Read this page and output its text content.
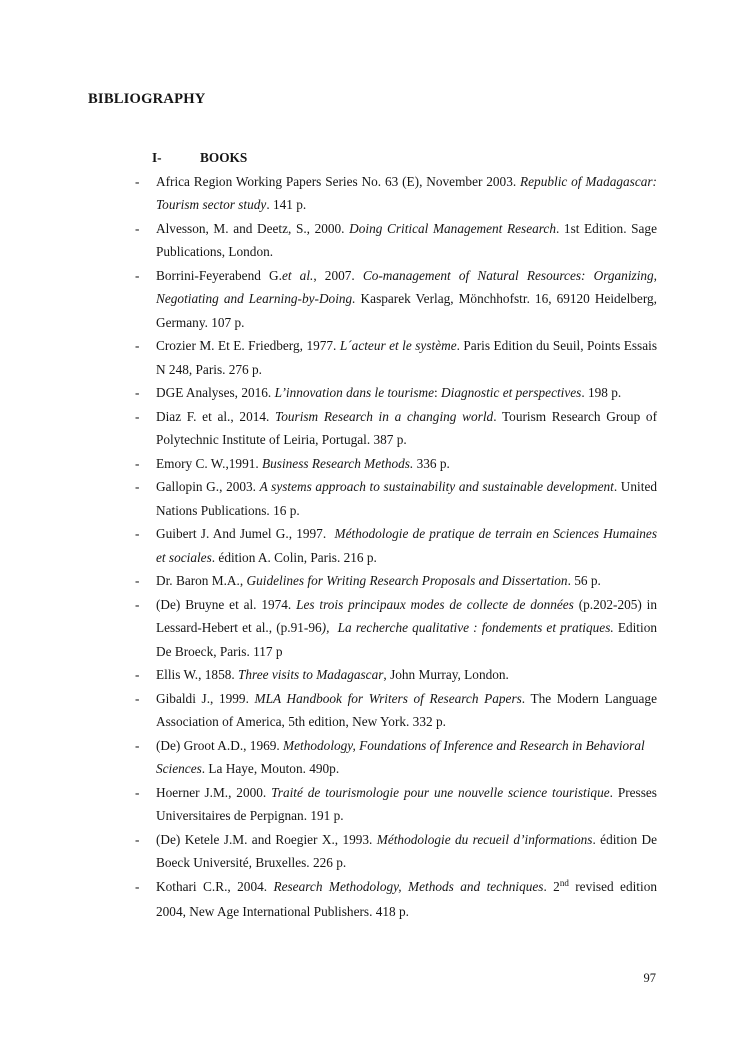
BIBLIOGRAPHY
I-	BOOKS
- Africa Region Working Papers Series No. 63 (E), November 2003. Republic of Madagascar: Tourism sector study. 141 p.
- Alvesson, M. and Deetz, S., 2000. Doing Critical Management Research. 1st Edition. Sage Publications, London.
- Borrini-Feyerabend G.et al., 2007. Co-management of Natural Resources: Organizing, Negotiating and Learning-by-Doing. Kasparek Verlag, Mönchhofstr. 16, 69120 Heidelberg, Germany. 107 p.
- Crozier M. Et E. Friedberg, 1977. L´acteur et le système. Paris Edition du Seuil, Points Essais N 248, Paris. 276 p.
- DGE Analyses, 2016. L’innovation dans le tourisme: Diagnostic et perspectives. 198 p.
- Diaz F. et al., 2014. Tourism Research in a changing world. Tourism Research Group of Polytechnic Institute of Leiria, Portugal. 387 p.
- Emory C. W.,1991. Business Research Methods. 336 p.
- Gallopin G., 2003. A systems approach to sustainability and sustainable development. United Nations Publications. 16 p.
- Guibert J. And Jumel G., 1997.  Méthodologie de pratique de terrain en Sciences Humaines et sociales. édition A. Colin, Paris. 216 p.
- Dr. Baron M.A., Guidelines for Writing Research Proposals and Dissertation. 56 p.
- (De) Bruyne et al. 1974. Les trois principaux modes de collecte de données (p.202-205) in Lessard-Hebert et al., (p.91-96),  La recherche qualitative : fondements et pratiques. Edition De Broeck, Paris. 117 p
- Ellis W., 1858. Three visits to Madagascar, John Murray, London.
- Gibaldi J., 1999. MLA Handbook for Writers of Research Papers. The Modern Language Association of America, 5th edition, New York. 332 p.
- (De) Groot A.D., 1969. Methodology, Foundations of Inference and Research in Behavioral Sciences. La Haye, Mouton. 490p.
- Hoerner J.M., 2000. Traité de tourismologie pour une nouvelle science touristique. Presses Universitaires de Perpignan. 191 p.
- (De) Ketele J.M. and Roegier X., 1993. Méthodologie du recueil d’informations. édition De Boeck Université, Bruxelles. 226 p.
- Kothari C.R., 2004. Research Methodology, Methods and techniques. 2nd revised edition 2004, New Age International Publishers. 418 p.
97
